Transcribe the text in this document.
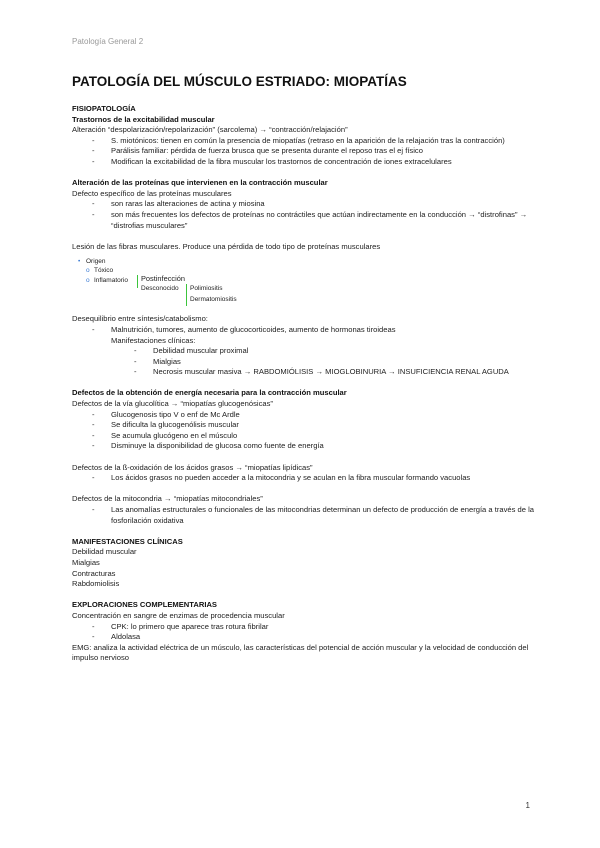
Patología General 2
PATOLOGÍA DEL MÚSCULO ESTRIADO: MIOPATÍAS
FISIOPATOLOGÍA
Trastornos de la excitabilidad muscular
Alteración “despolarización/repolarización” (sarcolema) → “contracción/relajación”
-	S. miotónicos: tienen en común la presencia de miopatías (retraso en la aparición de la relajación tras la contracción)
-	Parálisis familiar: pérdida de fuerza brusca que se presenta durante el reposo tras el ej físico
-	Modifican la excitabilidad de la fibra muscular los trastornos de concentración de iones extracelulares
Alteración de las proteínas que intervienen en la contracción muscular
Defecto específico de las proteínas musculares
-	son raras las alteraciones de actina y miosina
-	son más frecuentes los defectos de proteínas no contráctiles que actúan indirectamente en la conducción → “distrofinas” → “distrofias musculares”
Lesión de las fibras musculares. Produce una pérdida de todo tipo de proteínas musculares
• Origen
o Tóxico
o Inflamatorio Postinfección
Desconocido Polimiositis
Dermatomiositis
Desequilibrio entre síntesis/catabolismo:
-	Malnutrición, tumores, aumento de glucocorticoides, aumento de hormonas tiroideas
Manifestaciones clínicas:
-	Debilidad muscular proximal
-	Mialgias
-	Necrosis muscular masiva → RABDOMIÓLISIS → MIOGLOBINURIA → INSUFICIENCIA RENAL AGUDA
Defectos de la obtención de energía necesaria para la contracción muscular
Defectos de la vía glucolítica → “miopatías glucogenósicas”
-	Glucogenosis tipo V o enf de Mc Ardle
-	Se dificulta la glucogenólisis muscular
-	Se acumula glucógeno en el músculo
-	Disminuye la disponibilidad de glucosa como fuente de energía
Defectos de la ß-oxidación de los ácidos grasos → “miopatías lipídicas”
-	Los ácidos grasos no pueden acceder a la mitocondria y se aculan en la fibra muscular formando vacuolas
Defectos de la mitocondria → “miopatías mitocondriales”
-	Las anomalías estructurales o funcionales de las mitocondrias determinan un defecto de producción de energía a través de la fosforilación oxidativa
MANIFESTACIONES CLÍNICAS
Debilidad muscular
Mialgias
Contracturas
Rabdomiolisis
EXPLORACIONES COMPLEMENTARIAS
Concentración en sangre de enzimas de procedencia muscular
-	CPK: lo primero que aparece tras rotura fibrilar
-	Aldolasa
EMG: analiza la actividad eléctrica de un músculo, las características del potencial de acción muscular y la velocidad de conducción del impulso nervioso
1
